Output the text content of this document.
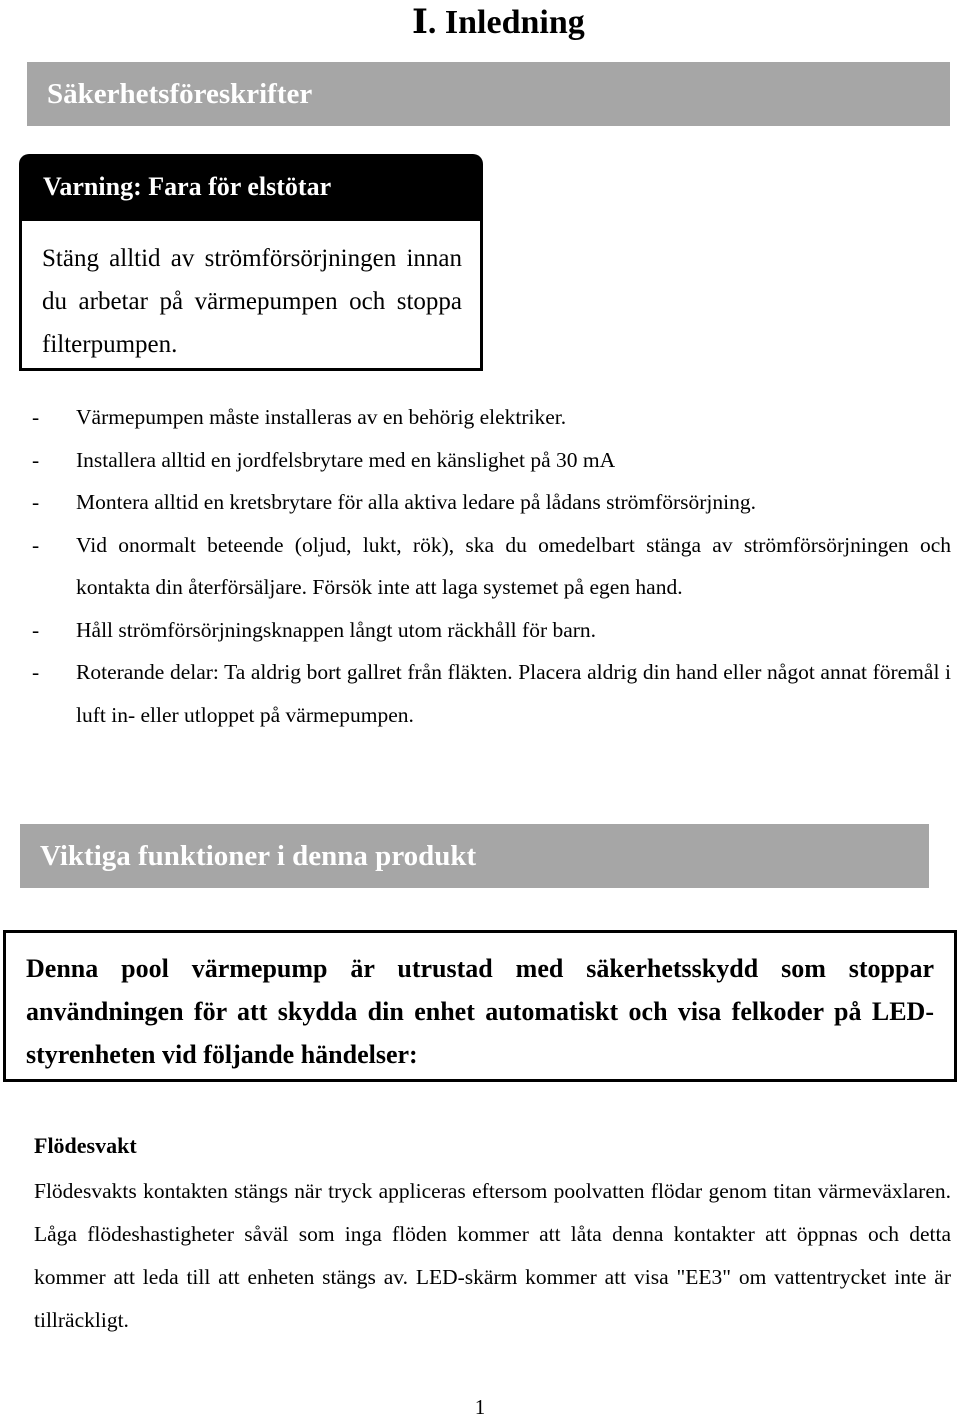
Ⅰ. Inledning
Säkerhetsföreskrifter
Varning: Fara för elstötar
Stäng alltid av strömförsörjningen innan du arbetar på värmepumpen och stoppa filterpumpen.
- Värmepumpen måste installeras av en behörig elektriker.
- Installera alltid en jordfelsbrytare med en känslighet på 30 mA
- Montera alltid en kretsbrytare för alla aktiva ledare på lådans strömförsörjning.
- Vid onormalt beteende (oljud, lukt, rök), ska du omedelbart stänga av strömförsörjningen och kontakta din återförsäljare. Försök inte att laga systemet på egen hand.
- Håll strömförsörjningsknappen långt utom räckhåll för barn.
- Roterande delar: Ta aldrig bort gallret från fläkten. Placera aldrig din hand eller något annat föremål i luft in- eller utloppet på värmepumpen.
Viktiga funktioner i denna produkt
Denna pool värmepump är utrustad med säkerhetsskydd som stoppar användningen för att skydda din enhet automatiskt och visa felkoder på LED-styrenheten vid följande händelser:
Flödesvakt
Flödesvakts kontakten stängs när tryck appliceras eftersom poolvatten flödar genom titan värmeväxlaren. Låga flödeshastigheter såväl som inga flöden kommer att låta denna kontakter att öppnas och detta kommer att leda till att enheten stängs av. LED-skärm kommer att visa "EE3" om vattentrycket inte är tillräckligt.
1
